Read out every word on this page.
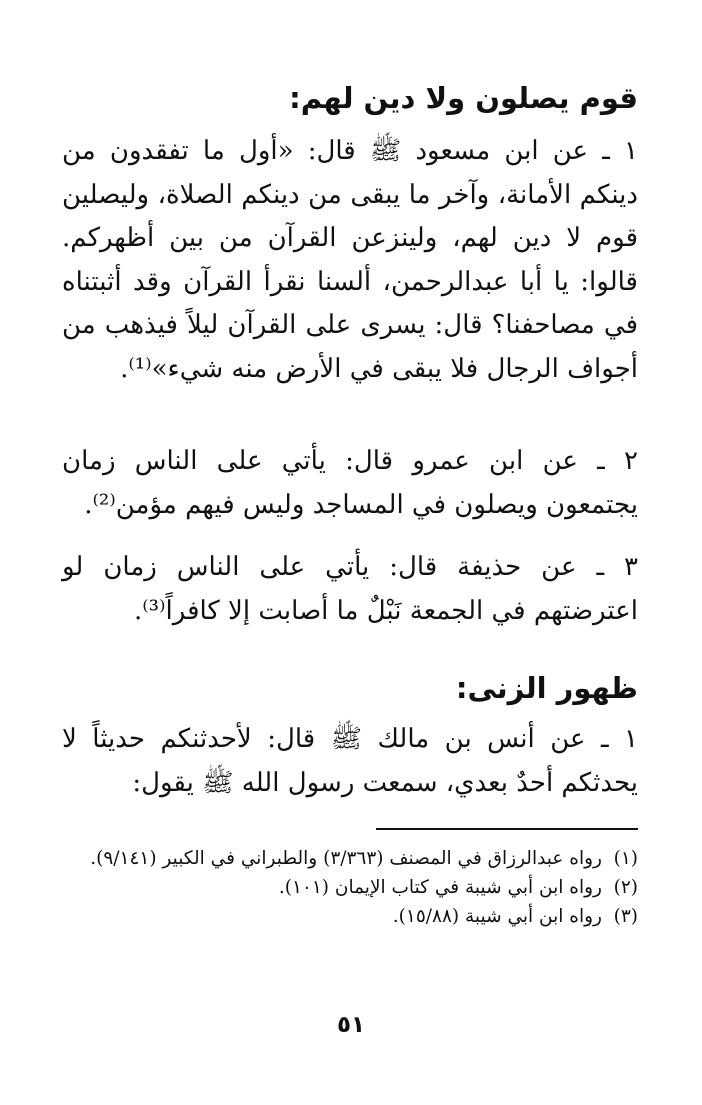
قوم يصلون ولا دين لهم:
١ ـ عن ابن مسعود ﷺ قال: «أول ما تفقدون من دينكم الأمانة، وآخر ما يبقى من دينكم الصلاة، وليصلين قوم لا دين لهم، ولينزعن القرآن من بين أظهركم. قالوا: يا أبا عبدالرحمن، ألسنا نقرأ القرآن وقد أثبتناه في مصاحفنا؟ قال: يسرى على القرآن ليلاً فيذهب من أجواف الرجال فلا يبقى في الأرض منه شيء»⁽¹⁾.
٢ ـ عن ابن عمرو قال: يأتي على الناس زمان يجتمعون ويصلون في المساجد وليس فيهم مؤمن⁽²⁾.
٣ ـ عن حذيفة قال: يأتي على الناس زمان لو اعترضتهم في الجمعة نَبْلٌ ما أصابت إلا كافراً⁽³⁾.
ظهور الزنى:
١ ـ عن أنس بن مالك ﷺ قال: لأحدثنكم حديثاً لا يحدثكم أحدٌ بعدي، سمعت رسول الله ﷺ يقول:
(١)
رواه عبدالرزاق في المصنف (٣/٣٦٣) والطبراني في الكبير (٩/١٤١).
(٢)
رواه ابن أبي شيبة في كتاب الإيمان (١٠١).
(٣)
رواه ابن أبي شيبة (١٥/٨٨).
٥١
